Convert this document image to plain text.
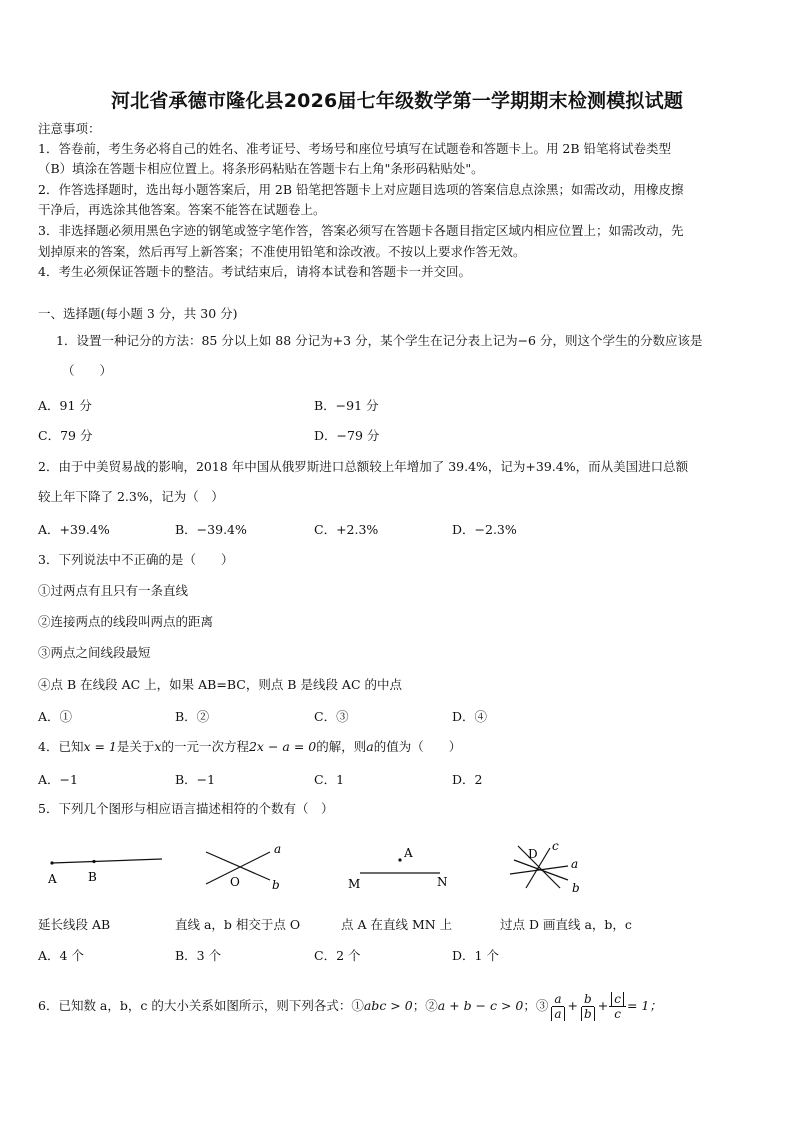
河北省承德市隆化县2026届七年级数学第一学期期末检测模拟试题
注意事项：
1．答卷前，考生务必将自己的姓名、准考证号、考场号和座位号填写在试题卷和答题卡上。用 2B 铅笔将试卷类型
（B）填涂在答题卡相应位置上。将条形码粘贴在答题卡右上角"条形码粘贴处"。
2．作答选择题时，选出每小题答案后，用 2B 铅笔把答题卡上对应题目选项的答案信息点涂黑；如需改动，用橡皮擦
干净后，再选涂其他答案。答案不能答在试题卷上。
3．非选择题必须用黑色字迹的钢笔或签字笔作答，答案必须写在答题卡各题目指定区域内相应位置上；如需改动，先
划掉原来的答案，然后再写上新答案；不准使用铅笔和涂改液。不按以上要求作答无效。
4．考生必须保证答题卡的整洁。考试结束后，请将本试卷和答题卡一并交回。
一、选择题(每小题 3 分，共 30 分)
1．设置一种记分的方法：85 分以上如 88 分记为+3 分，某个学生在记分表上记为−6 分，则这个学生的分数应该是
（　　）
A．91 分	B．−91 分
C．79 分	D．−79 分
2．由于中美贸易战的影响，2018 年中国从俄罗斯进口总额较上年增加了 39.4%，记为+39.4%，而从美国进口总额
较上年下降了 2.3%，记为（　）
A．+39.4%	B．−39.4%	C．+2.3%	D．−2.3%
3．下列说法中不正确的是（　　）
①过两点有且只有一条直线
②连接两点的线段叫两点的距离
③两点之间线段最短
④点 B 在线段 AC 上，如果 AB=BC，则点 B 是线段 AC 的中点
A．①	B．②	C．③	D．④
4．已知x = 1是关于x的一元一次方程2x − a = 0的解，则a的值为（　　）
A．−1	B．−1	C．1	D．2
5．下列几个图形与相应语言描述相符的个数有（　）
A	B
a
O	b
A
M	N
c
D
a
b
延长线段 AB	直线 a，b 相交于点 O	点 A 在直线 MN 上	过点 D 画直线 a，b，c
A．4 个	B．3 个	C．2 个	D．1 个
6．已知数 a，b，c 的大小关系如图所示，则下列各式：① abc > 0 ；② a + b − c > 0 ；③ $\frac{a}{a} + \frac{b}{b} + \frac{c}{c} = 1$；
